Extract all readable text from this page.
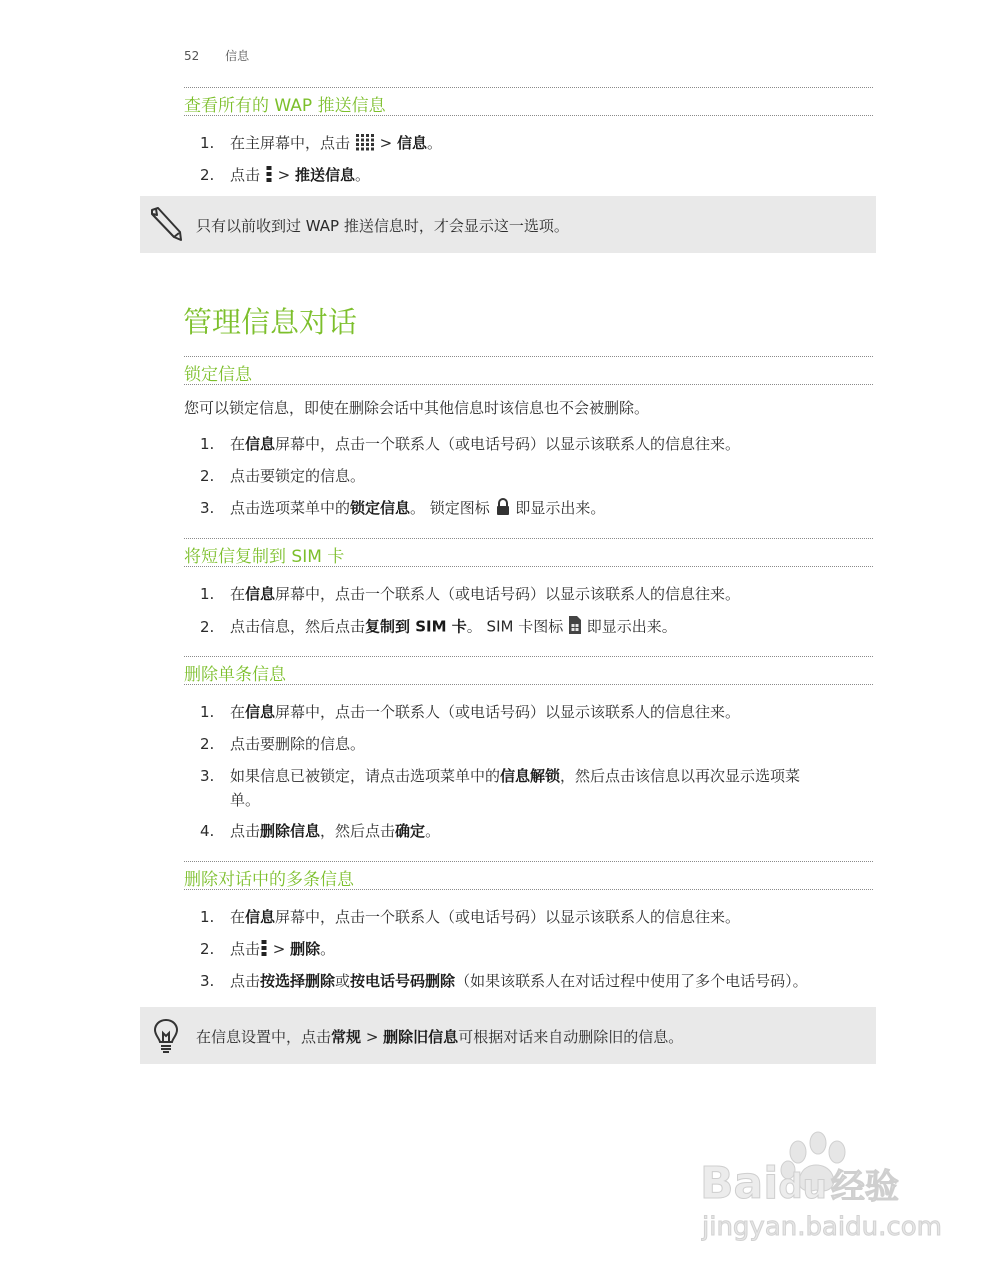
52 信息
查看所有的 WAP 推送信息
1. 在主屏幕中，点击 > 信息。
2. 点击 > 推送信息。
只有以前收到过 WAP 推送信息时，才会显示这一选项。
管理信息对话
锁定信息
您可以锁定信息，即使在删除会话中其他信息时该信息也不会被删除。
1. 在信息屏幕中，点击一个联系人（或电话号码）以显示该联系人的信息往来。
2. 点击要锁定的信息。
3. 点击选项菜单中的锁定信息。 锁定图标 即显示出来。
将短信复制到 SIM 卡
1. 在信息屏幕中，点击一个联系人（或电话号码）以显示该联系人的信息往来。
2. 点击信息，然后点击复制到 SIM 卡。 SIM 卡图标 即显示出来。
删除单条信息
1. 在信息屏幕中，点击一个联系人（或电话号码）以显示该联系人的信息往来。
2. 点击要删除的信息。
3. 如果信息已被锁定，请点击选项菜单中的信息解锁，然后点击该信息以再次显示选项菜
单。
4. 点击删除信息，然后点击确定。
删除对话中的多条信息
1. 在信息屏幕中，点击一个联系人（或电话号码）以显示该联系人的信息往来。
2. 点击 > 删除。
3. 点击按选择删除或按电话号码删除（如果该联系人在对话过程中使用了多个电话号码）。
在信息设置中，点击常规 > 删除旧信息可根据对话来自动删除旧的信息。
Baidu 经验
jingyan.baidu.com
